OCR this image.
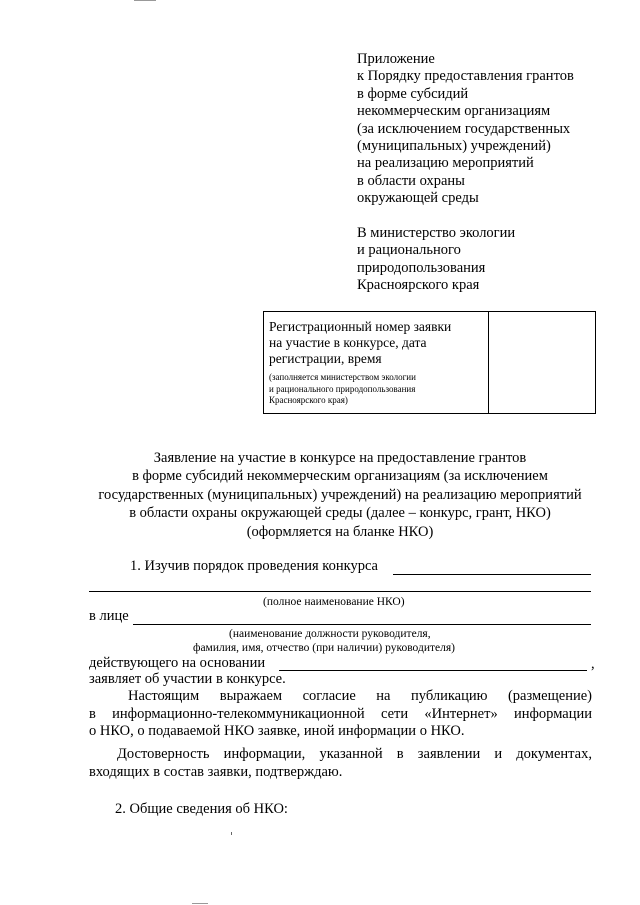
Приложение
к Порядку предоставления грантов
в форме субсидий
некоммерческим организациям
(за исключением государственных
(муниципальных) учреждений)
на реализацию мероприятий
в области охраны
окружающей среды
В министерство экологии
и рационального
природопользования
Красноярского края
Регистрационный номер заявки
на участие в конкурсе, дата
регистрации, время
(заполняется министерством экологии
и рационального природопользования
Красноярского края)
Заявление на участие в конкурсе на предоставление грантов
в форме субсидий некоммерческим организациям (за исключением
государственных (муниципальных) учреждений) на реализацию мероприятий
в области охраны окружающей среды (далее – конкурс, грант, НКО)
(оформляется на бланке НКО)
1. Изучив порядок проведения конкурса
(полное наименование НКО)
в лице
(наименование должности руководителя,
фамилия, имя, отчество (при наличии) руководителя)
действующего на основании	,
заявляет об участии в конкурсе.
Настоящим выражаем согласие на публикацию (размещение)
в информационно-телекоммуникационной сети «Интернет» информации
о НКО, о подаваемой НКО заявке, иной информации о НКО.
Достоверность информации, указанной в заявлении и документах,
входящих в состав заявки, подтверждаю.
2. Общие сведения об НКО:
